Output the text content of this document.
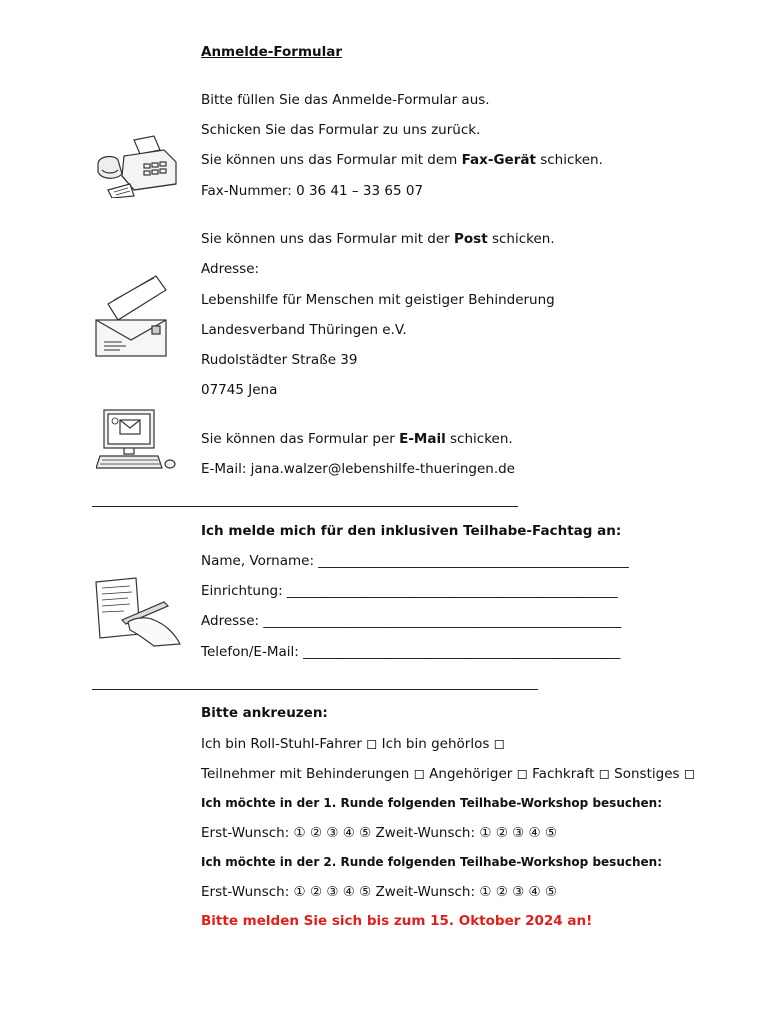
Anmelde-Formular
Bitte füllen Sie das Anmelde-Formular aus.
Schicken Sie das Formular zu uns zurück.
Sie können uns das Formular mit dem Fax-Gerät schicken.
Fax-Nummer: 0 36 41 – 33 65 07
Sie können uns das Formular mit der Post schicken.
Adresse:
Lebenshilfe für Menschen mit geistiger Behinderung
Landesverband Thüringen e.V.
Rudolstädter Straße 39
07745 Jena
Sie können das Formular per E-Mail schicken.
E-Mail: jana.walzer@lebenshilfe-thueringen.de
Ich melde mich für den inklusiven Teilhabe-Fachtag an:
Name, Vorname: ______________________________________________
Einrichtung: _________________________________________________
Adresse: _____________________________________________________
Telefon/E-Mail: _______________________________________________
Bitte ankreuzen:
Ich bin Roll-Stuhl-Fahrer ◻ Ich bin gehörlos ◻
Teilnehmer mit Behinderungen ◻ Angehöriger ◻ Fachkraft ◻ Sonstiges ◻
Ich möchte in der 1. Runde folgenden Teilhabe-Workshop besuchen:
Erst-Wunsch: ① ② ③ ④ ⑤ Zweit-Wunsch: ① ② ③ ④ ⑤
Ich möchte in der 2. Runde folgenden Teilhabe-Workshop besuchen:
Erst-Wunsch: ① ② ③ ④ ⑤ Zweit-Wunsch: ① ② ③ ④ ⑤
Bitte melden Sie sich bis zum 15. Oktober 2024 an!
